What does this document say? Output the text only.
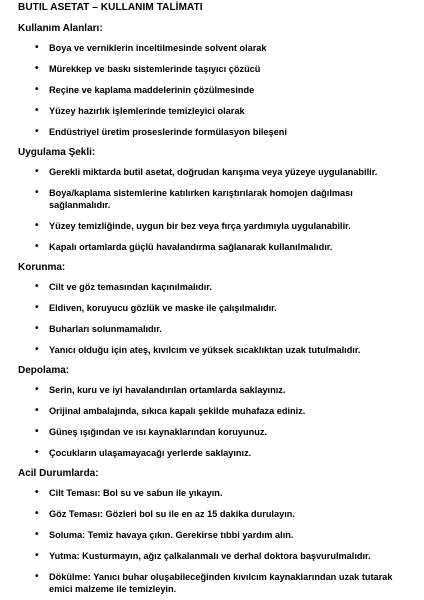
BUTIL ASETAT – KULLANIM TALİMATI
Kullanım Alanları:
• Boya ve verniklerin inceltilmesinde solvent olarak
• Mürekkep ve baskı sistemlerinde taşıyıcı çözücü
• Reçine ve kaplama maddelerinin çözülmesinde
• Yüzey hazırlık işlemlerinde temizleyici olarak
• Endüstriyel üretim proseslerinde formülasyon bileşeni
Uygulama Şekli:
• Gerekli miktarda butil asetat, doğrudan karışıma veya yüzeye uygulanabilir.
• Boya/kaplama sistemlerine katılırken karıştırılarak homojen dağılması sağlanmalıdır.
• Yüzey temizliğinde, uygun bir bez veya fırça yardımıyla uygulanabilir.
• Kapalı ortamlarda güçlü havalandırma sağlanarak kullanılmalıdır.
Korunma:
• Cilt ve göz temasından kaçınılmalıdır.
• Eldiven, koruyucu gözlük ve maske ile çalışılmalıdır.
• Buharları solunmamalıdır.
• Yanıcı olduğu için ateş, kıvılcım ve yüksek sıcaklıktan uzak tutulmalıdır.
Depolama:
• Serin, kuru ve iyi havalandırılan ortamlarda saklayınız.
• Orijinal ambalajında, sıkıca kapalı şekilde muhafaza ediniz.
• Güneş ışığından ve ısı kaynaklarından koruyunuz.
• Çocukların ulaşamayacağı yerlerde saklayınız.
Acil Durumlarda:
• Cilt Teması: Bol su ve sabun ile yıkayın.
• Göz Teması: Gözleri bol su ile en az 15 dakika durulayın.
• Soluma: Temiz havaya çıkın. Gerekirse tıbbi yardım alın.
• Yutma: Kusturmayın, ağız çalkalanmalı ve derhal doktora başvurulmalıdır.
• Dökülme: Yanıcı buhar oluşabileceğinden kıvılcım kaynaklarından uzak tutarak emici malzeme ile temizleyin.
